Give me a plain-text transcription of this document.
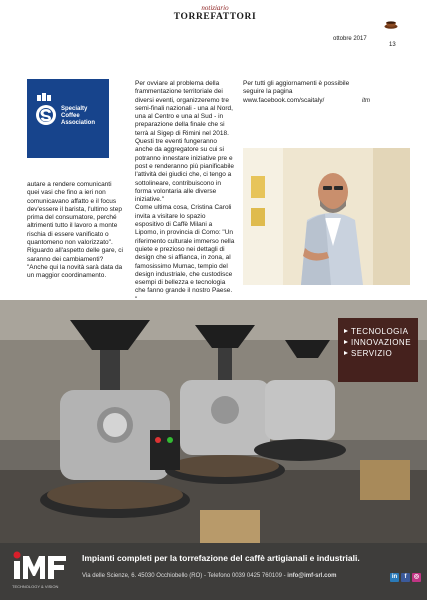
notiziario
TORREFATTORI
ottobre 2017
13
Specialty
Coffee
Association

autare a rendere comunicanti quei vasi che fino a ieri non comunicavano affatto e il focus dev'essere il barista, l'ultimo step prima del consumatore, perché altrimenti tutto il lavoro a monte rischia di essere vanificato o quantomeno non valorizzato".

Riguardo all'aspetto delle gare, ci saranno dei cambiamenti?

"Anche qui la novità sarà data da un maggior coordinamento.

Per ovviare al problema della frammentazione territoriale dei diversi eventi, organizzeremo tre semi-finali nazionali - una al Nord, una al Centro e una al Sud - in preparazione della finale che si terrà al Sigep di Rimini nel 2018. Questi tre eventi fungeranno anche da aggregatore su cui si potranno innestare iniziative pre e post e renderanno più pianificabile l'attività dei giudici che, ci tengo a sottolineare, contribuiscono in forma volontaria alle diverse iniziative."

Come ultima cosa, Cristina Caroli invita a visitare lo spazio espositivo di Caffè Milani a Lipomo, in provincia di Como: "Un riferimento culturale immerso nella quiete e prezioso nei dettagli di design che si affianca, in zona, al famosissimo Mumac, tempio del design industriale, che custodisce esempi di bellezza e tecnologia che fanno grande il nostro Paese.

Per tutti gli aggiornamenti è possibile seguire la pagina www.facebook.com/scaitaly/	itm
TECNOLOGIA
INNOVAZIONE
SERVIZIO
TECHNOLOGY & VISION
Impianti completi per la torrefazione del caffè artigianali e industriali.
Via delle Scienze, 6. 45030 Occhiobello (RO) - Telefono 0039 0425 760109 - info@imf-srl.com	in	f	◎
